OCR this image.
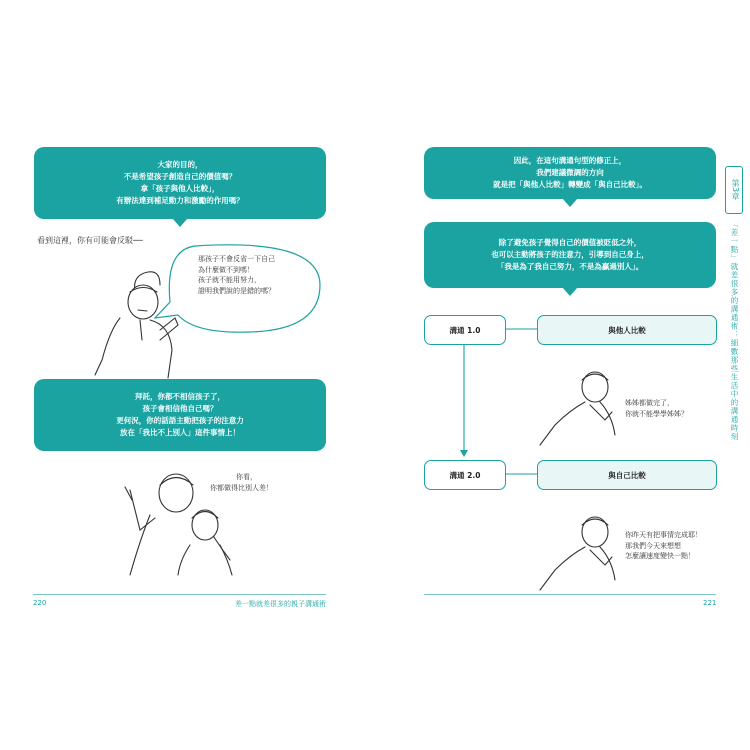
大家的目的，
不是希望孩子創造自己的價值嗎？
拿「孩子與他人比較」，
有辦法達到補足動力和激勵的作用嗎？
看到這裡，你有可能會反駁──
那孩子不會反省一下自己
為什麼做不到嗎！
孩子就不能用努力，
證明我們說的是錯的嗎？
拜託，你都不相信孩子了，
孩子會相信他自己嗎？
更何況，你的話語主動把孩子的注意力
放在「我比不上別人」這件事情上！
你看，
你都做得比別人差！
220	差一點就差很多的親子溝通術
因此，在這句溝通句型的修正上，
我們建議微調的方向
就是把「與他人比較」轉變成「與自己比較」。
除了避免孩子覺得自己的價值被貶低之外，
也可以主動將孩子的注意力，引導到自己身上，
「我是為了我自己努力，不是為贏過別人」。
溝通 1.0	與他人比較
姊姊都做完了，
你就不能學學姊姊？
溝通 2.0	與自己比較
你昨天有把事情完成耶！
那我們今天來想想
怎麼讓速度變快一點！
221
第3章
「差一點」就差很多的溝通術：細數那些生活中的溝通時刻
